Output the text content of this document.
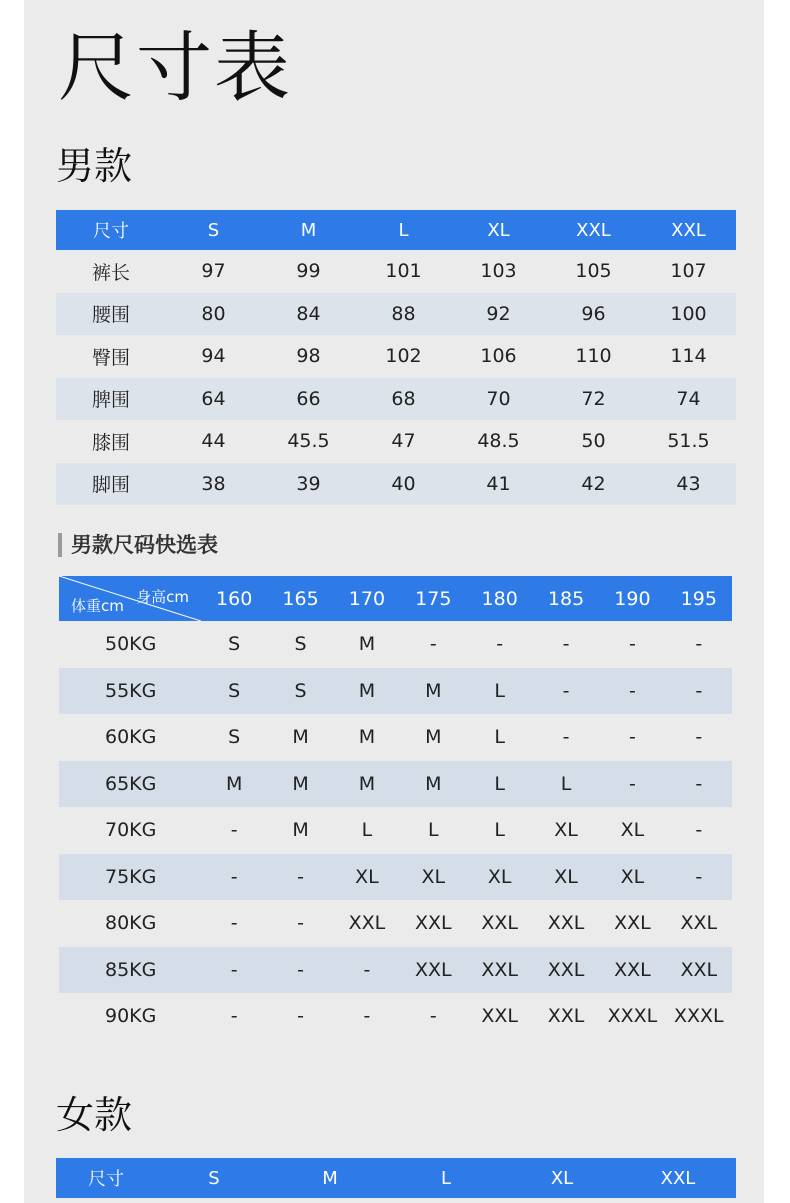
尺寸表
男款
尺寸	S	M	L	XL	XXL	XXL
裤长	97	99	101	103	105	107
腰围	80	84	88	92	96	100
臀围	94	98	102	106	110	114
脾围	64	66	68	70	72	74
膝围	44	45.5	47	48.5	50	51.5
脚围	38	39	40	41	42	43
男款尺码快选表
身高cm
体重cm	160	165	170	175	180	185	190	195
50KG	S	S	M	-	-	-	-	-
55KG	S	S	M	M	L	-	-	-
60KG	S	M	M	M	L	-	-	-
65KG	M	M	M	M	L	L	-	-
70KG	-	M	L	L	L	XL	XL	-
75KG	-	-	XL	XL	XL	XL	XL	-
80KG	-	-	XXL	XXL	XXL	XXL	XXL	XXL
85KG	-	-	-	XXL	XXL	XXL	XXL	XXL
90KG	-	-	-	-	XXL	XXL	XXXL	XXXL
女款
尺寸	S	M	L	XL	XXL
